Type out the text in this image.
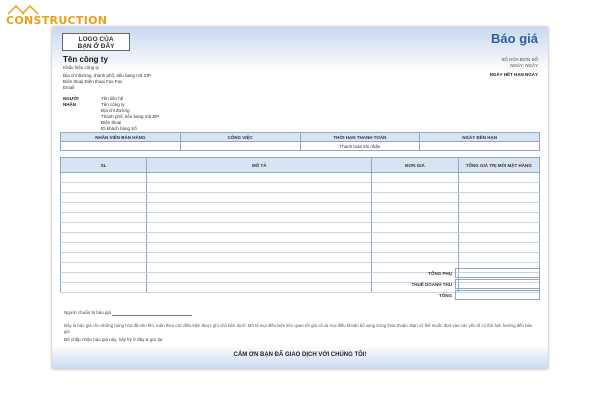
CONSTRUCTION
LOGO CỦA
BẠN Ở ĐÂY
Báo giá
Tên công ty
Khẩu hiệu công ty
Địa chỉ đường, thành phố, tiểu bang mã ZIP
Điện thoại Điện thoại Fax Fax
Email
SỐ HÓA ĐƠN SỐ
NGÀY: NGÀY
NGÀY HẾT HẠN NGÀY
NGƯỜI
NHẬN
Tên liên hệ
Tên công ty
Địa chỉ đường
Thành phố, tiểu bang mã ZIP
Điện thoại
ID khách hàng Số
NHÂN VIÊN BÁN HÀNG	CÔNG VIỆC	THỜI HẠN THANH TOÁN	NGÀY ĐẾN HẠN
		Thanh toán khi nhận	
SL	MÔ TẢ	ĐƠN GIÁ	TỔNG GIÁ TRỊ MỖI MẶT HÀNG

TỔNG PHỤ
THUẾ DOANH THU
TỔNG
Người chuẩn bị báo giá
Đây là báo giá cho những hàng hóa đã nêu tên, tuân theo các điều kiện được ghi chú bên dưới: Mô tả mọi điều kiện liên quan tới giá cả và mọi điều khoản bổ sung trong thỏa thuận. Bạn có thể muốn đưa vào các yếu tố có thể ảnh hưởng đến báo giá
Để chấp nhận báo giá này, hãy ký ở đây & gửi lại:
CẢM ƠN BẠN ĐÃ GIAO DỊCH VỚI CHÚNG TÔI!
